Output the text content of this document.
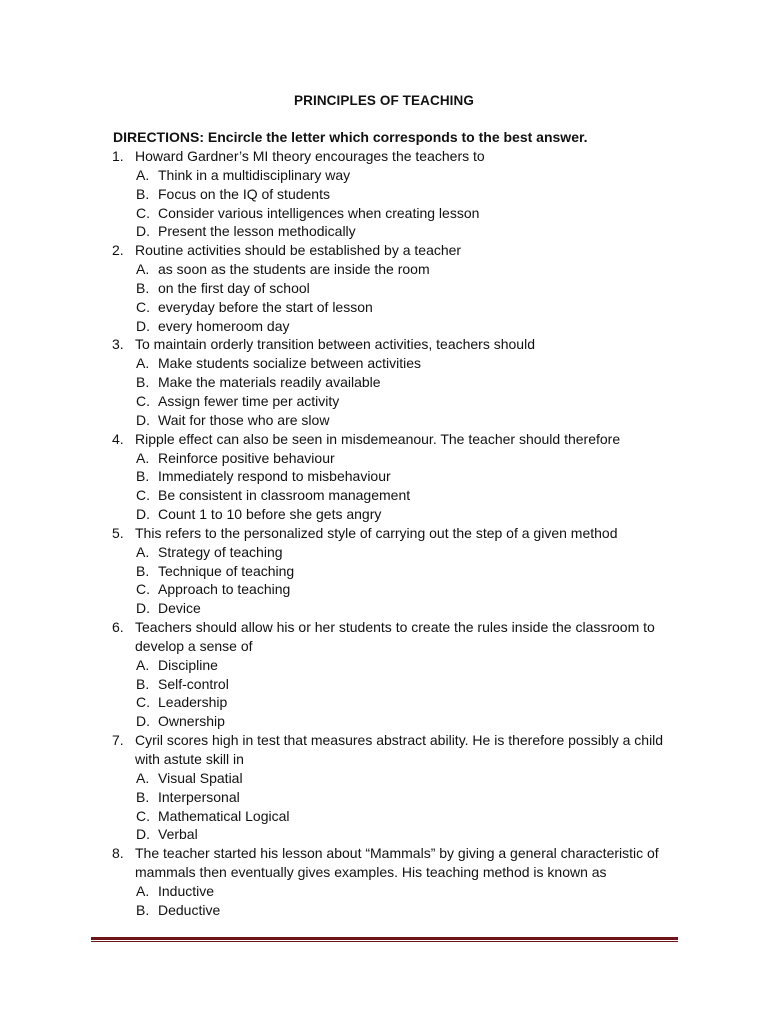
PRINCIPLES OF TEACHING
DIRECTIONS: Encircle the letter which corresponds to the best answer.
1. Howard Gardner’s MI theory encourages the teachers to
A. Think in a multidisciplinary way
B. Focus on the IQ of students
C. Consider various intelligences when creating lesson
D. Present the lesson methodically
2. Routine activities should be established by a teacher
A. as soon as the students are inside the room
B. on the first day of school
C. everyday before the start of lesson
D. every homeroom day
3. To maintain orderly transition between activities, teachers should
A. Make students socialize between activities
B. Make the materials readily available
C. Assign fewer time per activity
D. Wait for those who are slow
4. Ripple effect can also be seen in misdemeanour. The teacher should therefore
A. Reinforce positive behaviour
B. Immediately respond to misbehaviour
C. Be consistent in classroom management
D. Count 1 to 10 before she gets angry
5. This refers to the personalized style of carrying out the step of a given method
A. Strategy of teaching
B. Technique of teaching
C. Approach to teaching
D. Device
6. Teachers should allow his or her students to create the rules inside the classroom to
develop a sense of
A. Discipline
B. Self-control
C. Leadership
D. Ownership
7. Cyril scores high in test that measures abstract ability. He is therefore possibly a child
with astute skill in
A. Visual Spatial
B. Interpersonal
C. Mathematical Logical
D. Verbal
8. The teacher started his lesson about “Mammals” by giving a general characteristic of
mammals then eventually gives examples. His teaching method is known as
A. Inductive
B. Deductive
